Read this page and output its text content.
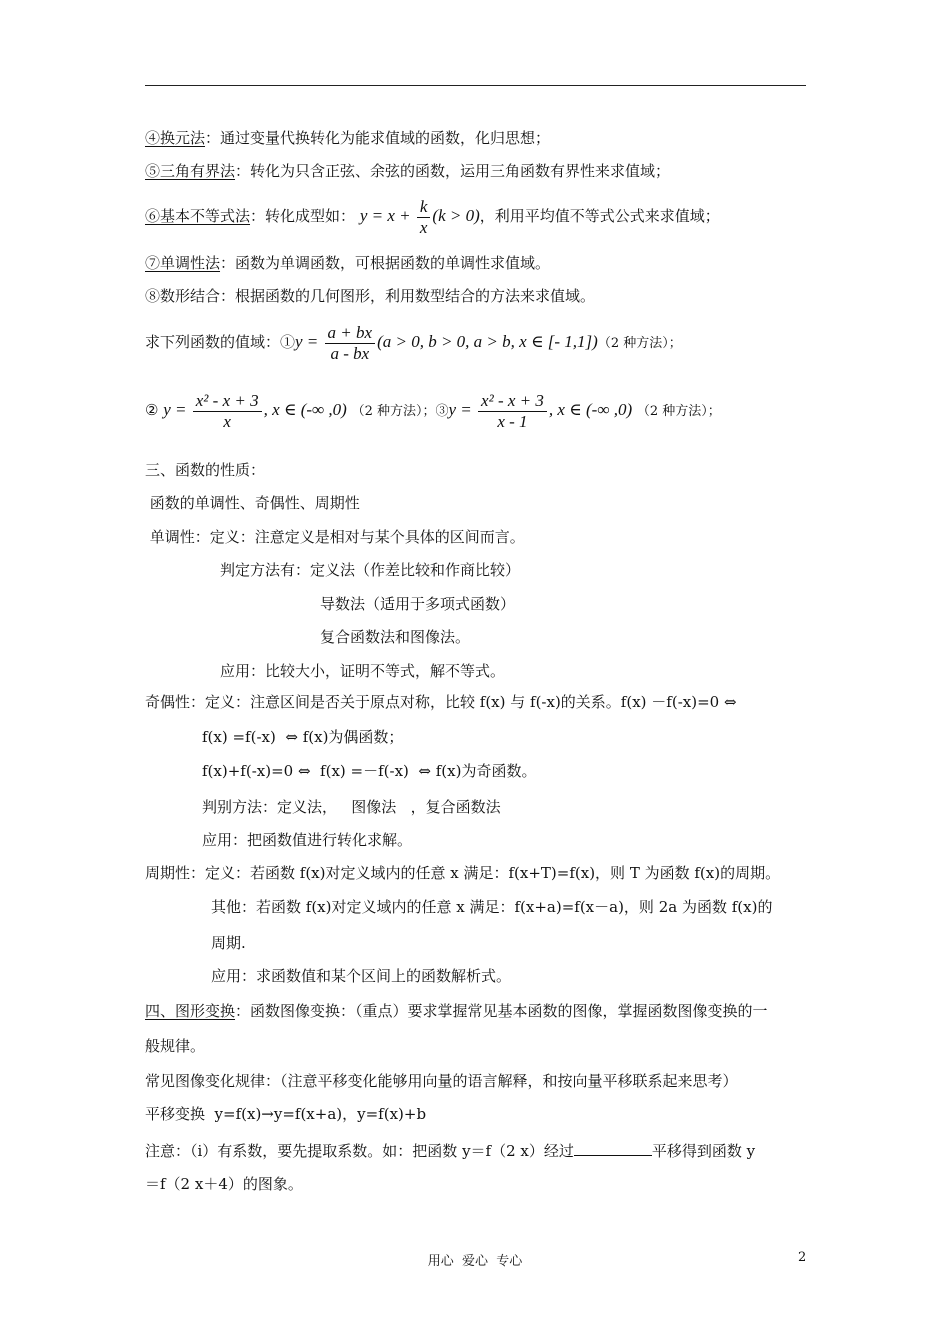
④换元法：通过变量代换转化为能求值域的函数，化归思想；
⑤三角有界法：转化为只含正弦、余弦的函数，运用三角函数有界性来求值域；
⑥基本不等式法：转化成型如： $y = x + \frac{k}{x} (k > 0)$，利用平均值不等式公式来求值域；
⑦单调性法：函数为单调函数，可根据函数的单调性求值域。
⑧数形结合：根据函数的几何图形，利用数型结合的方法来求值域。
求下列函数的值域：①y = $\frac{a + bx}{a - bx} (a > 0$, b > 0, a > b, x ∈ [- 1,1])（2 种方法）；
② $y = \frac{\text{x² - x + 3}}{x}$ , x ∈ (-∞ ,0) （2 种方法）；③y = $\frac{\text{x² - x + 3}}{x - 1}$ , x ∈ (-∞ ,0) （2 种方法）；
三、函数的性质：
函数的单调性、奇偶性、周期性
单调性：定义：注意定义是相对与某个具体的区间而言。
判定方法有：定义法（作差比较和作商比较）
导数法（适用于多项式函数）
复合函数法和图像法。
应用：比较大小，证明不等式，解不等式。
奇偶性：定义：注意区间是否关于原点对称，比较 f(x) 与 f(-x)的关系。f(x) －f(-x)=0 ⇔
f(x) =f(-x)  ⇔ f(x)为偶函数；
f(x)+f(-x)=0 ⇔  f(x) =－f(-x)  ⇔ f(x)为奇函数。
判别方法：定义法，   图像法   ，复合函数法
应用：把函数值进行转化求解。
周期性：定义：若函数 f(x)对定义域内的任意 x 满足：f(x+T)=f(x)，则 T 为函数 f(x)的周期。
其他：若函数 f(x)对定义域内的任意 x 满足：f(x+a)=f(x－a)，则 2a 为函数 f(x)的
周期.
应用：求函数值和某个区间上的函数解析式。
四、图形变换：函数图像变换：（重点）要求掌握常见基本函数的图像，掌握函数图像变换的一
般规律。
常见图像变化规律：（注意平移变化能够用向量的语言解释，和按向量平移联系起来思考）
平移变换  y=f(x)→y=f(x+a)，y=f(x)+b
注意：（ⅰ）有系数，要先提取系数。如：把函数 y＝f（2 x）经过	平移得到函数 y
＝f（2 x＋4）的图象。
用心  爱心  专心	2
